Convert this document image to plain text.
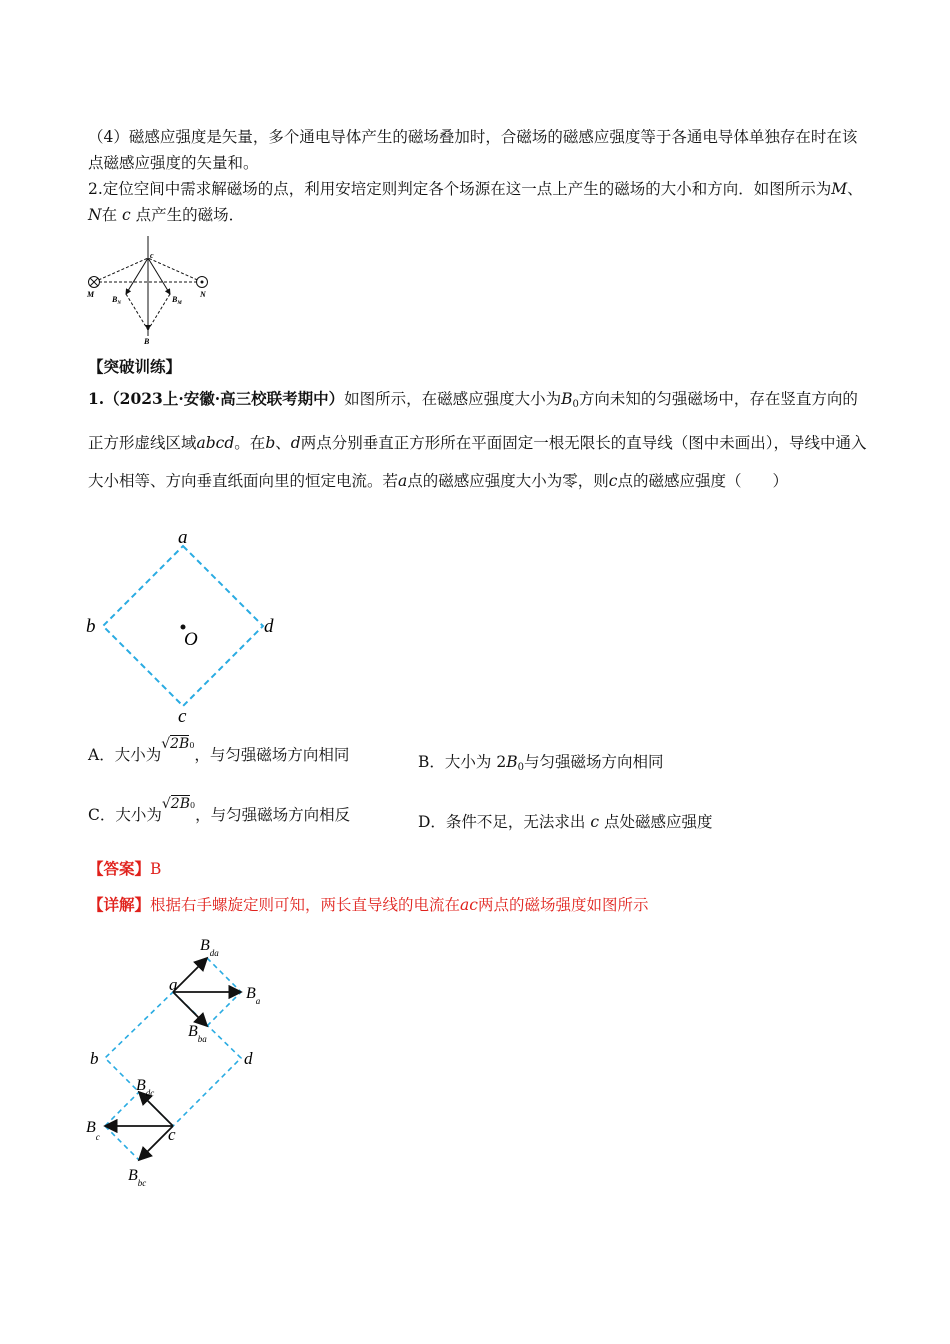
（4）磁感应强度是矢量，多个通电导体产生的磁场叠加时，合磁场的磁感应强度等于各通电导体单独存在时在该点磁感应强度的矢量和。
2.定位空间中需求解磁场的点，利用安培定则判定各个场源在这一点上产生的磁场的大小和方向．如图所示为M、N在 c 点产生的磁场．
c
M	N
$B_N$	$B_M$
B
【突破训练】
1.（2023上·安徽·高三校联考期中）如图所示，在磁感应强度大小为$B_0$方向未知的匀强磁场中，存在竖直方向的正方形虚线区域abcd。在b、d两点分别垂直正方形所在平面固定一根无限长的直导线（图中未画出），导线中通入大小相等、方向垂直纸面向里的恒定电流。若a点的磁感应强度大小为零，则c点的磁感应强度（　　）
a
b
c
d
O
A．大小为√2B0，与匀强磁场方向相同	B．大小为 $2B_0$与匀强磁场方向相同
C．大小为√2B0，与匀强磁场方向相反	D．条件不足，无法求出 c 点处磁感应强度
【答案】B
【详解】根据右手螺旋定则可知，两长直导线的电流在ac两点的磁场强度如图所示
a
b
c
d
$B_{da}$
$B_a$
$B_{ba}$
$B_{dc}$
$B_c$
$B_{bc}$
